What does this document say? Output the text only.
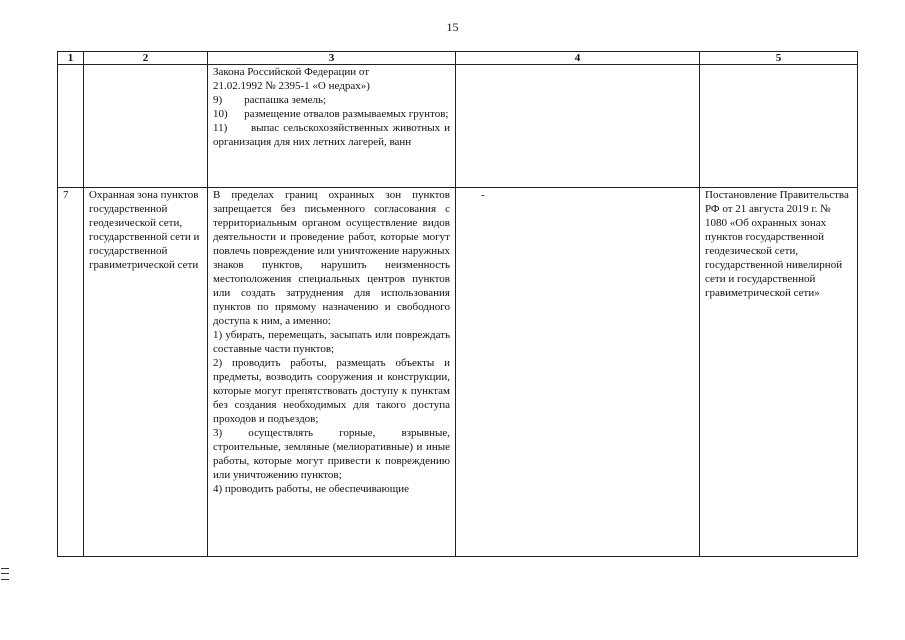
15
1	2	3	4	5

		Закона Российской Федерации от

21.02.1992 № 2395-1 «О недрах»)

9)        распашка земель;

10)      размещение отвалов размываемых грунтов;

11)      выпас сельскохозяйственных животных и организация для них летних лагерей, ванн		

7	Охранная зона пунктов государственной геодезической сети, государственной сети и государственной гравиметрической сети	В пределах границ охранных зон пунктов запрещается без письменного согласования с территориальным органом осуществление видов деятельности и проведение работ, которые могут повлечь повреждение или уничтожение наружных знаков пунктов, нарушить неизменность местоположения специальных центров пунктов или создать затруднения для использования пунктов по прямому назначению и свободного доступа к ним, а именно:

1) убирать, перемещать, засыпать или повреждать составные части пунктов;

2) проводить работы, размещать объекты и предметы, возводить сооружения и конструкции, которые могут препятствовать доступу к пунктам без создания необходимых для такого доступа проходов и подъездов;

3) осуществлять горные, взрывные, строительные, земляные (мелиоративные) и иные работы, которые могут привести к повреждению или уничтожению пунктов;

4) проводить работы, не обеспечивающие	-	Постановление Правительства РФ от 21 августа 2019 г. № 1080 «Об охранных зонах пунктов государственной геодезической сети, государственной нивелирной сети и государственной гравиметрической сети»
